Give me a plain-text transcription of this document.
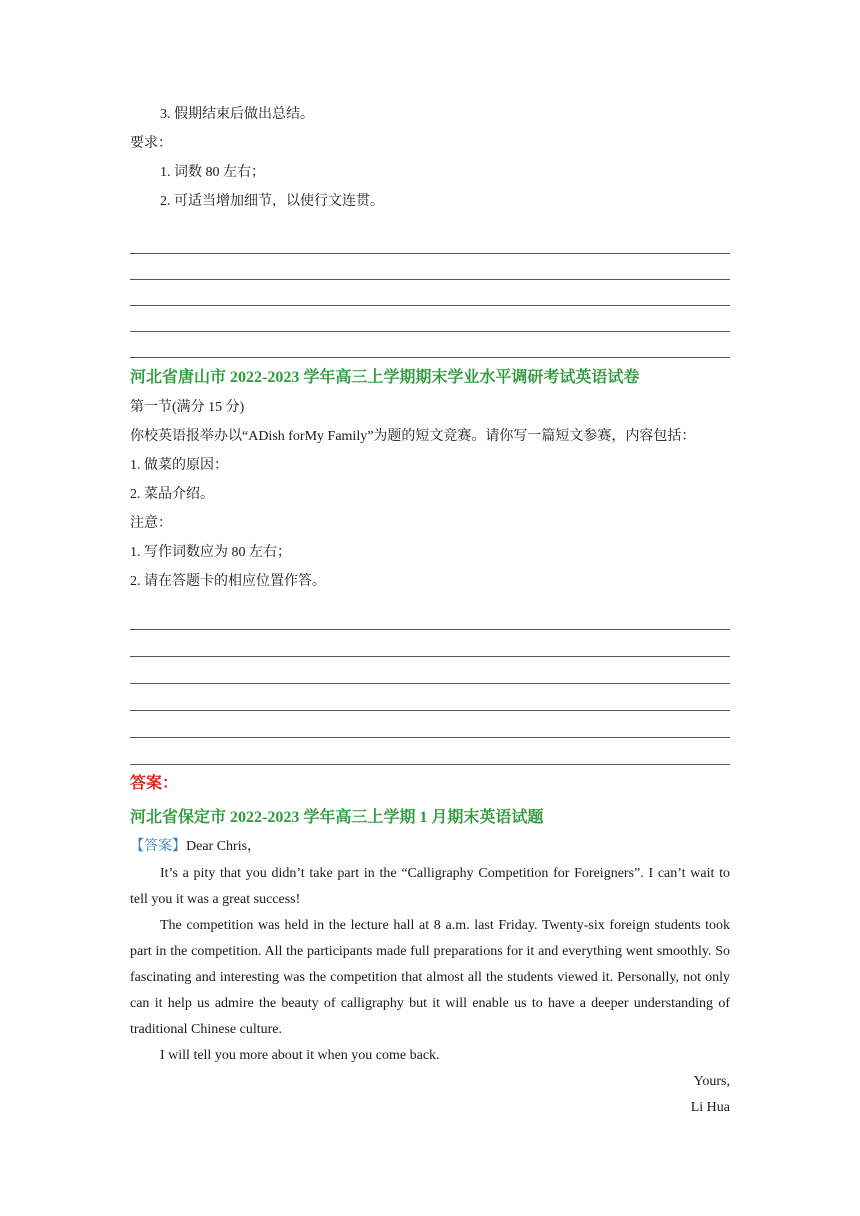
3. 假期结束后做出总结。
要求：
1. 词数 80 左右；
2. 可适当增加细节，以使行文连贯。
河北省唐山市 2022-2023 学年高三上学期期末学业水平调研考试英语试卷
第一节(满分 15 分)
你校英语报举办以“ADish forMy Family”为题的短文竞赛。请你写一篇短文参赛，内容包括：
1. 做菜的原因：
2. 菜品介绍。
注意：
1. 写作词数应为 80 左右；
2. 请在答题卡的相应位置作答。
答案：
河北省保定市 2022-2023 学年高三上学期 1 月期末英语试题
【答案】Dear Chris，
It’s a pity that you didn’t take part in the “Calligraphy Competition for Foreigners”. I can’t wait to tell you it was a great success!
The competition was held in the lecture hall at 8 a.m. last Friday. Twenty-six foreign students took part in the competition. All the participants made full preparations for it and everything went smoothly. So fascinating and interesting was the competition that almost all the students viewed it. Personally, not only can it help us admire the beauty of calligraphy but it will enable us to have a deeper understanding of traditional Chinese culture.
I will tell you more about it when you come back.
Yours,
Li Hua
